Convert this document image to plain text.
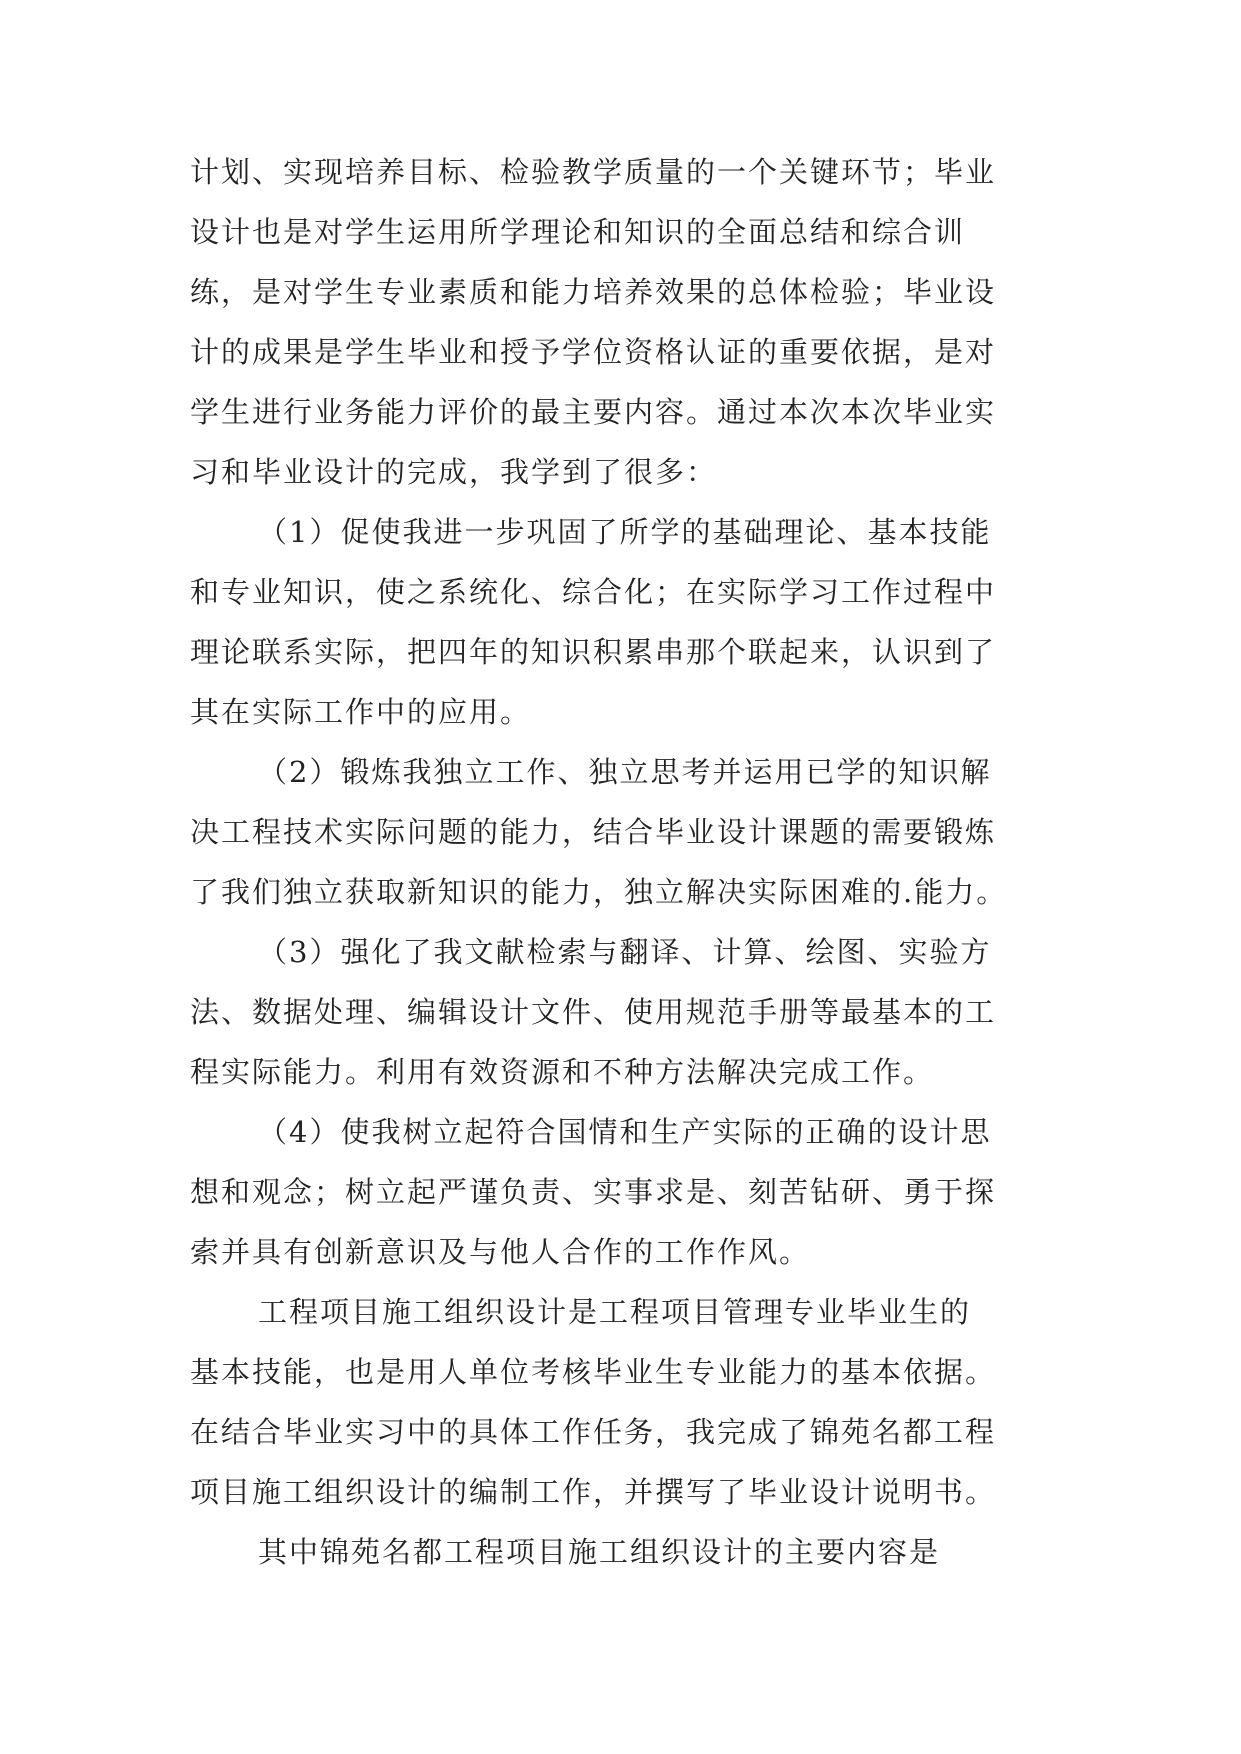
计划、实现培养目标、检验教学质量的一个关键环节；毕业
设计也是对学生运用所学理论和知识的全面总结和综合训
练，是对学生专业素质和能力培养效果的总体检验；毕业设
计的成果是学生毕业和授予学位资格认证的重要依据，是对
学生进行业务能力评价的最主要内容。通过本次本次毕业实
习和毕业设计的完成，我学到了很多：
（1）促使我进一步巩固了所学的基础理论、基本技能
和专业知识，使之系统化、综合化；在实际学习工作过程中
理论联系实际，把四年的知识积累串那个联起来，认识到了
其在实际工作中的应用。
（2）锻炼我独立工作、独立思考并运用已学的知识解
决工程技术实际问题的能力，结合毕业设计课题的需要锻炼
了我们独立获取新知识的能力，独立解决实际困难的.能力。
（3）强化了我文献检索与翻译、计算、绘图、实验方
法、数据处理、编辑设计文件、使用规范手册等最基本的工
程实际能力。利用有效资源和不种方法解决完成工作。
（4）使我树立起符合国情和生产实际的正确的设计思
想和观念；树立起严谨负责、实事求是、刻苦钻研、勇于探
索并具有创新意识及与他人合作的工作作风。
工程项目施工组织设计是工程项目管理专业毕业生的
基本技能，也是用人单位考核毕业生专业能力的基本依据。
在结合毕业实习中的具体工作任务，我完成了锦苑名都工程
项目施工组织设计的编制工作，并撰写了毕业设计说明书。
其中锦苑名都工程项目施工组织设计的主要内容是
